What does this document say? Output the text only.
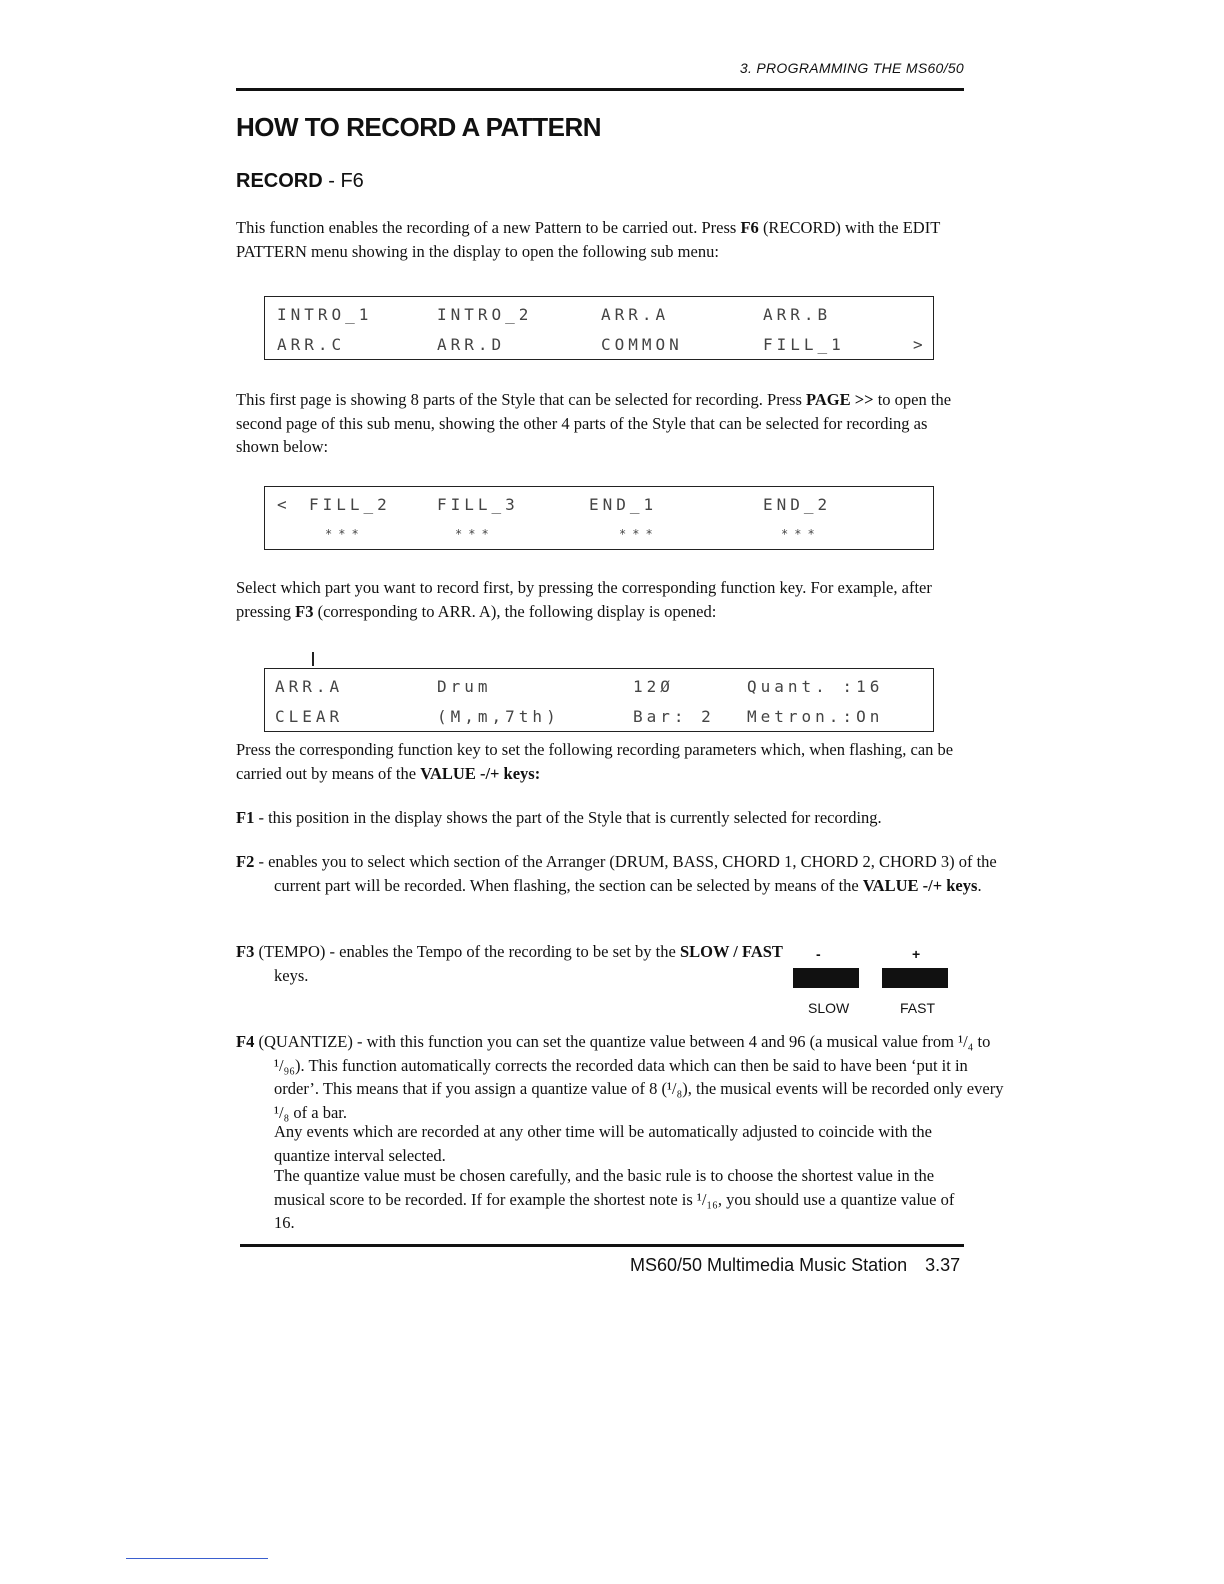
3. PROGRAMMING THE MS60/50
HOW TO RECORD A PATTERN
RECORD - F6
This function enables the recording of a new Pattern to be carried out. Press F6 (RECORD) with the EDIT PATTERN menu showing in the display to open the following sub menu:
INTRO_1	INTRO_2	ARR.A	ARR.B
ARR.C	ARR.D	COMMON	FILL_1	>
This first page is showing 8 parts of the Style that can be selected for recording. Press PAGE >> to open the second page of this sub menu, showing the other 4 parts of the Style that can be selected for recording as shown below:
< FILL_2	FILL_3	END_1	END_2
***	***	***	***
Select which part you want to record first, by pressing the corresponding function key. For example, after pressing F3 (corresponding to ARR. A), the following display is opened:
ARR.A	Drum	12Ø	Quant. :16
CLEAR	(M,m,7th)	Bar: 2 Metron.:On
Press the corresponding function key to set the following recording parameters which, when flashing, can be carried out by means of the VALUE -/+ keys:
F1 - this position in the display shows the part of the Style that is currently selected for recording.
F2 - enables you to select which section of the Arranger (DRUM, BASS, CHORD 1, CHORD 2, CHORD 3) of the current part will be recorded. When flashing, the section can be selected by means of the VALUE -/+ keys.
F3 (TEMPO) - enables the Tempo of the recording to be set by the SLOW / FAST keys.
-	+
SLOW	FAST
F4 (QUANTIZE) - with this function you can set the quantize value between 4 and 96 (a musical value from ¹/₄ to ¹/₉₆). This function automatically corrects the recorded data which can then be said to have been ‘put it in order’. This means that if you assign a quantize value of 8 (¹/₈), the musical events will be recorded only every ¹/₈ of a bar.
Any events which are recorded at any other time will be automatically adjusted to coincide with the quantize interval selected.
The quantize value must be chosen carefully, and the basic rule is to choose the shortest value in the musical score to be recorded. If for example the shortest note is ¹/₁₆, you should use a quantize value of 16.
MS60/50 Multimedia Music Station 3.37
